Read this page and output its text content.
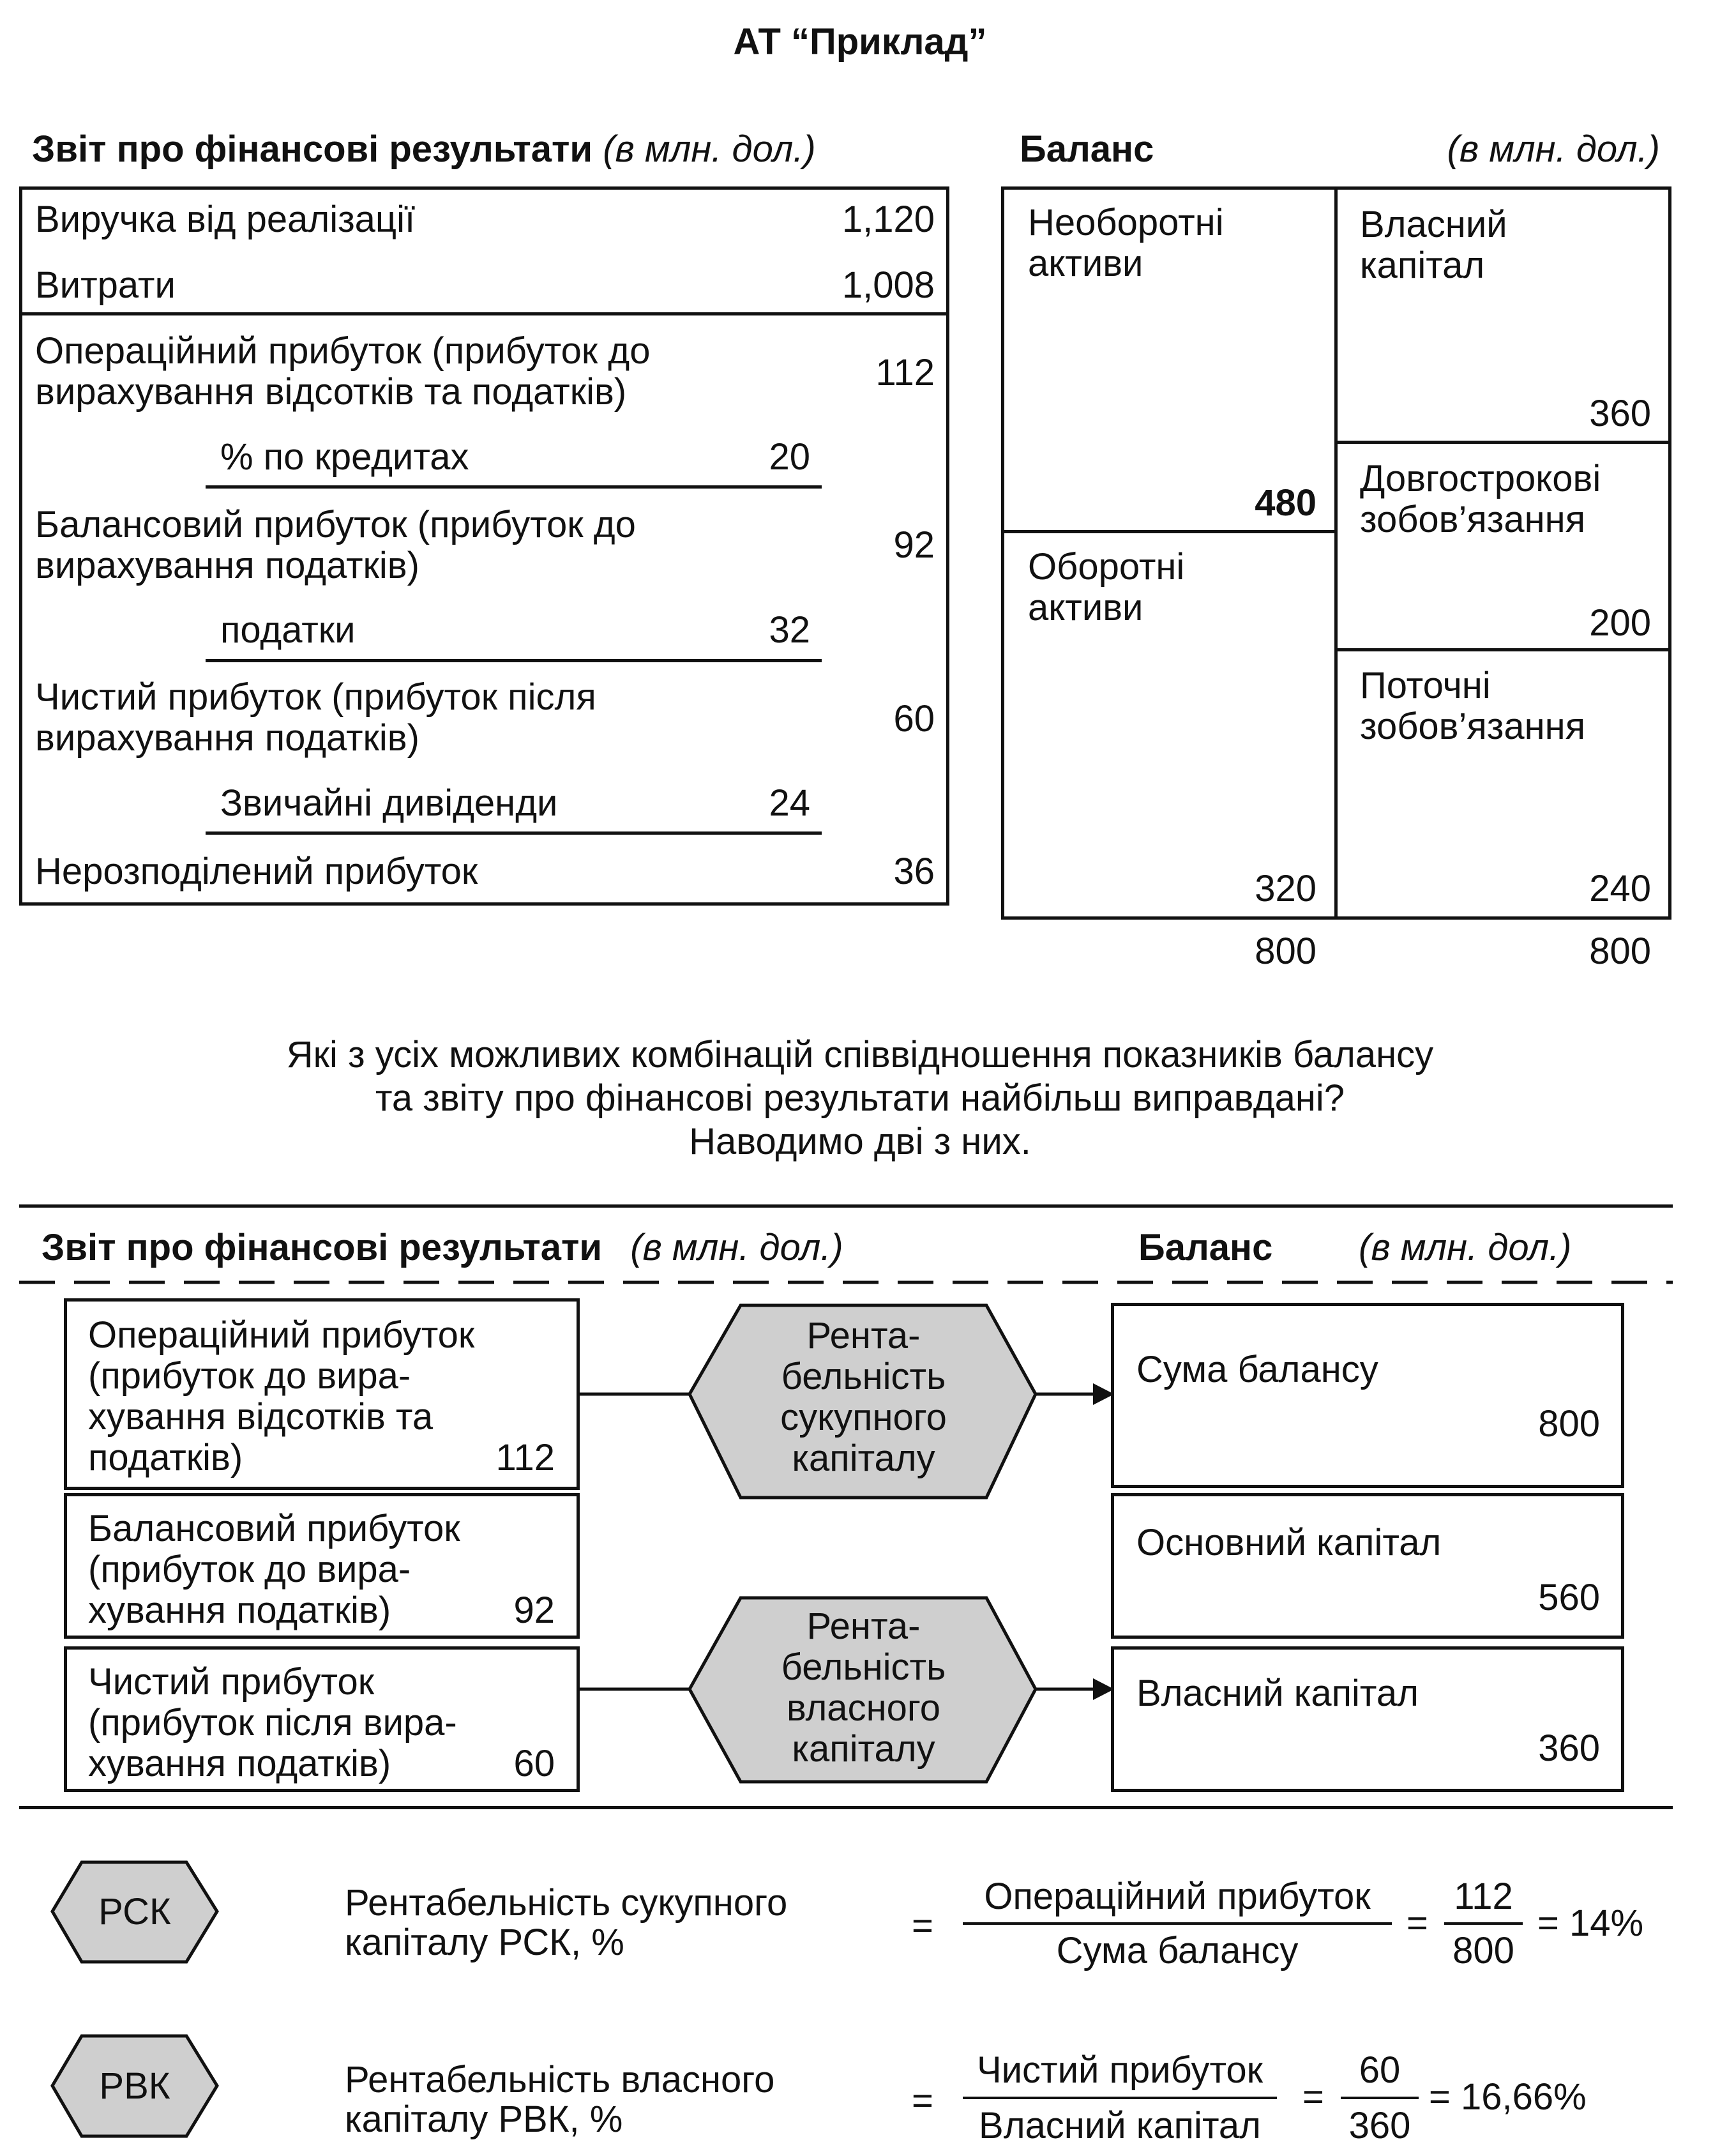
АТ “Приклад”
Звіт про фінансові результати (в млн. дол.)
Виручка від реалізації	1,120
Витрати	1,008
Операційний прибуток (прибуток до
вирахування відсотків та податків)	112
% по кредитах	20
Балансовий прибуток (прибуток до
вирахування податків)	92
податки	32
Чистий прибуток (прибуток після
вирахування податків)	60
Звичайні дивіденди	24
Нерозподілений прибуток	36
Баланс	(в млн. дол.)
Необоротні
активи
480
Оборотні
активи
320
Власний
капітал
360
Довгострокові
зобов’язання
200
Поточні
зобов’язання
240
800	800
Які з усіх можливих комбінацій співвідношення показників балансу
та звіту про фінансові результати найбільш виправдані?
Наводимо дві з них.
Звіт про фінансові результати (в млн. дол.)	Баланс (в млн. дол.)
Операційний прибуток
(прибуток до вира-
хування відсотків та
податків)	112
Балансовий прибуток
(прибуток до вира-
хування податків)	92
Чистий прибуток
(прибуток після вира-
хування податків)	60
Рента-
бельність
сукупного
капіталу
Рента-
бельність
власного
капіталу
Сума балансу
800
Основний капітал
560
Власний капітал
360
РСК	Рентабельність сукупного
капіталу РСК, %	=
Операційний прибуток
Сума балансу
=
112
800
= 14%
РВК	Рентабельність власного
капіталу РВК, %	=
Чистий прибуток
Власний капітал
=
60
360
= 16,66%
